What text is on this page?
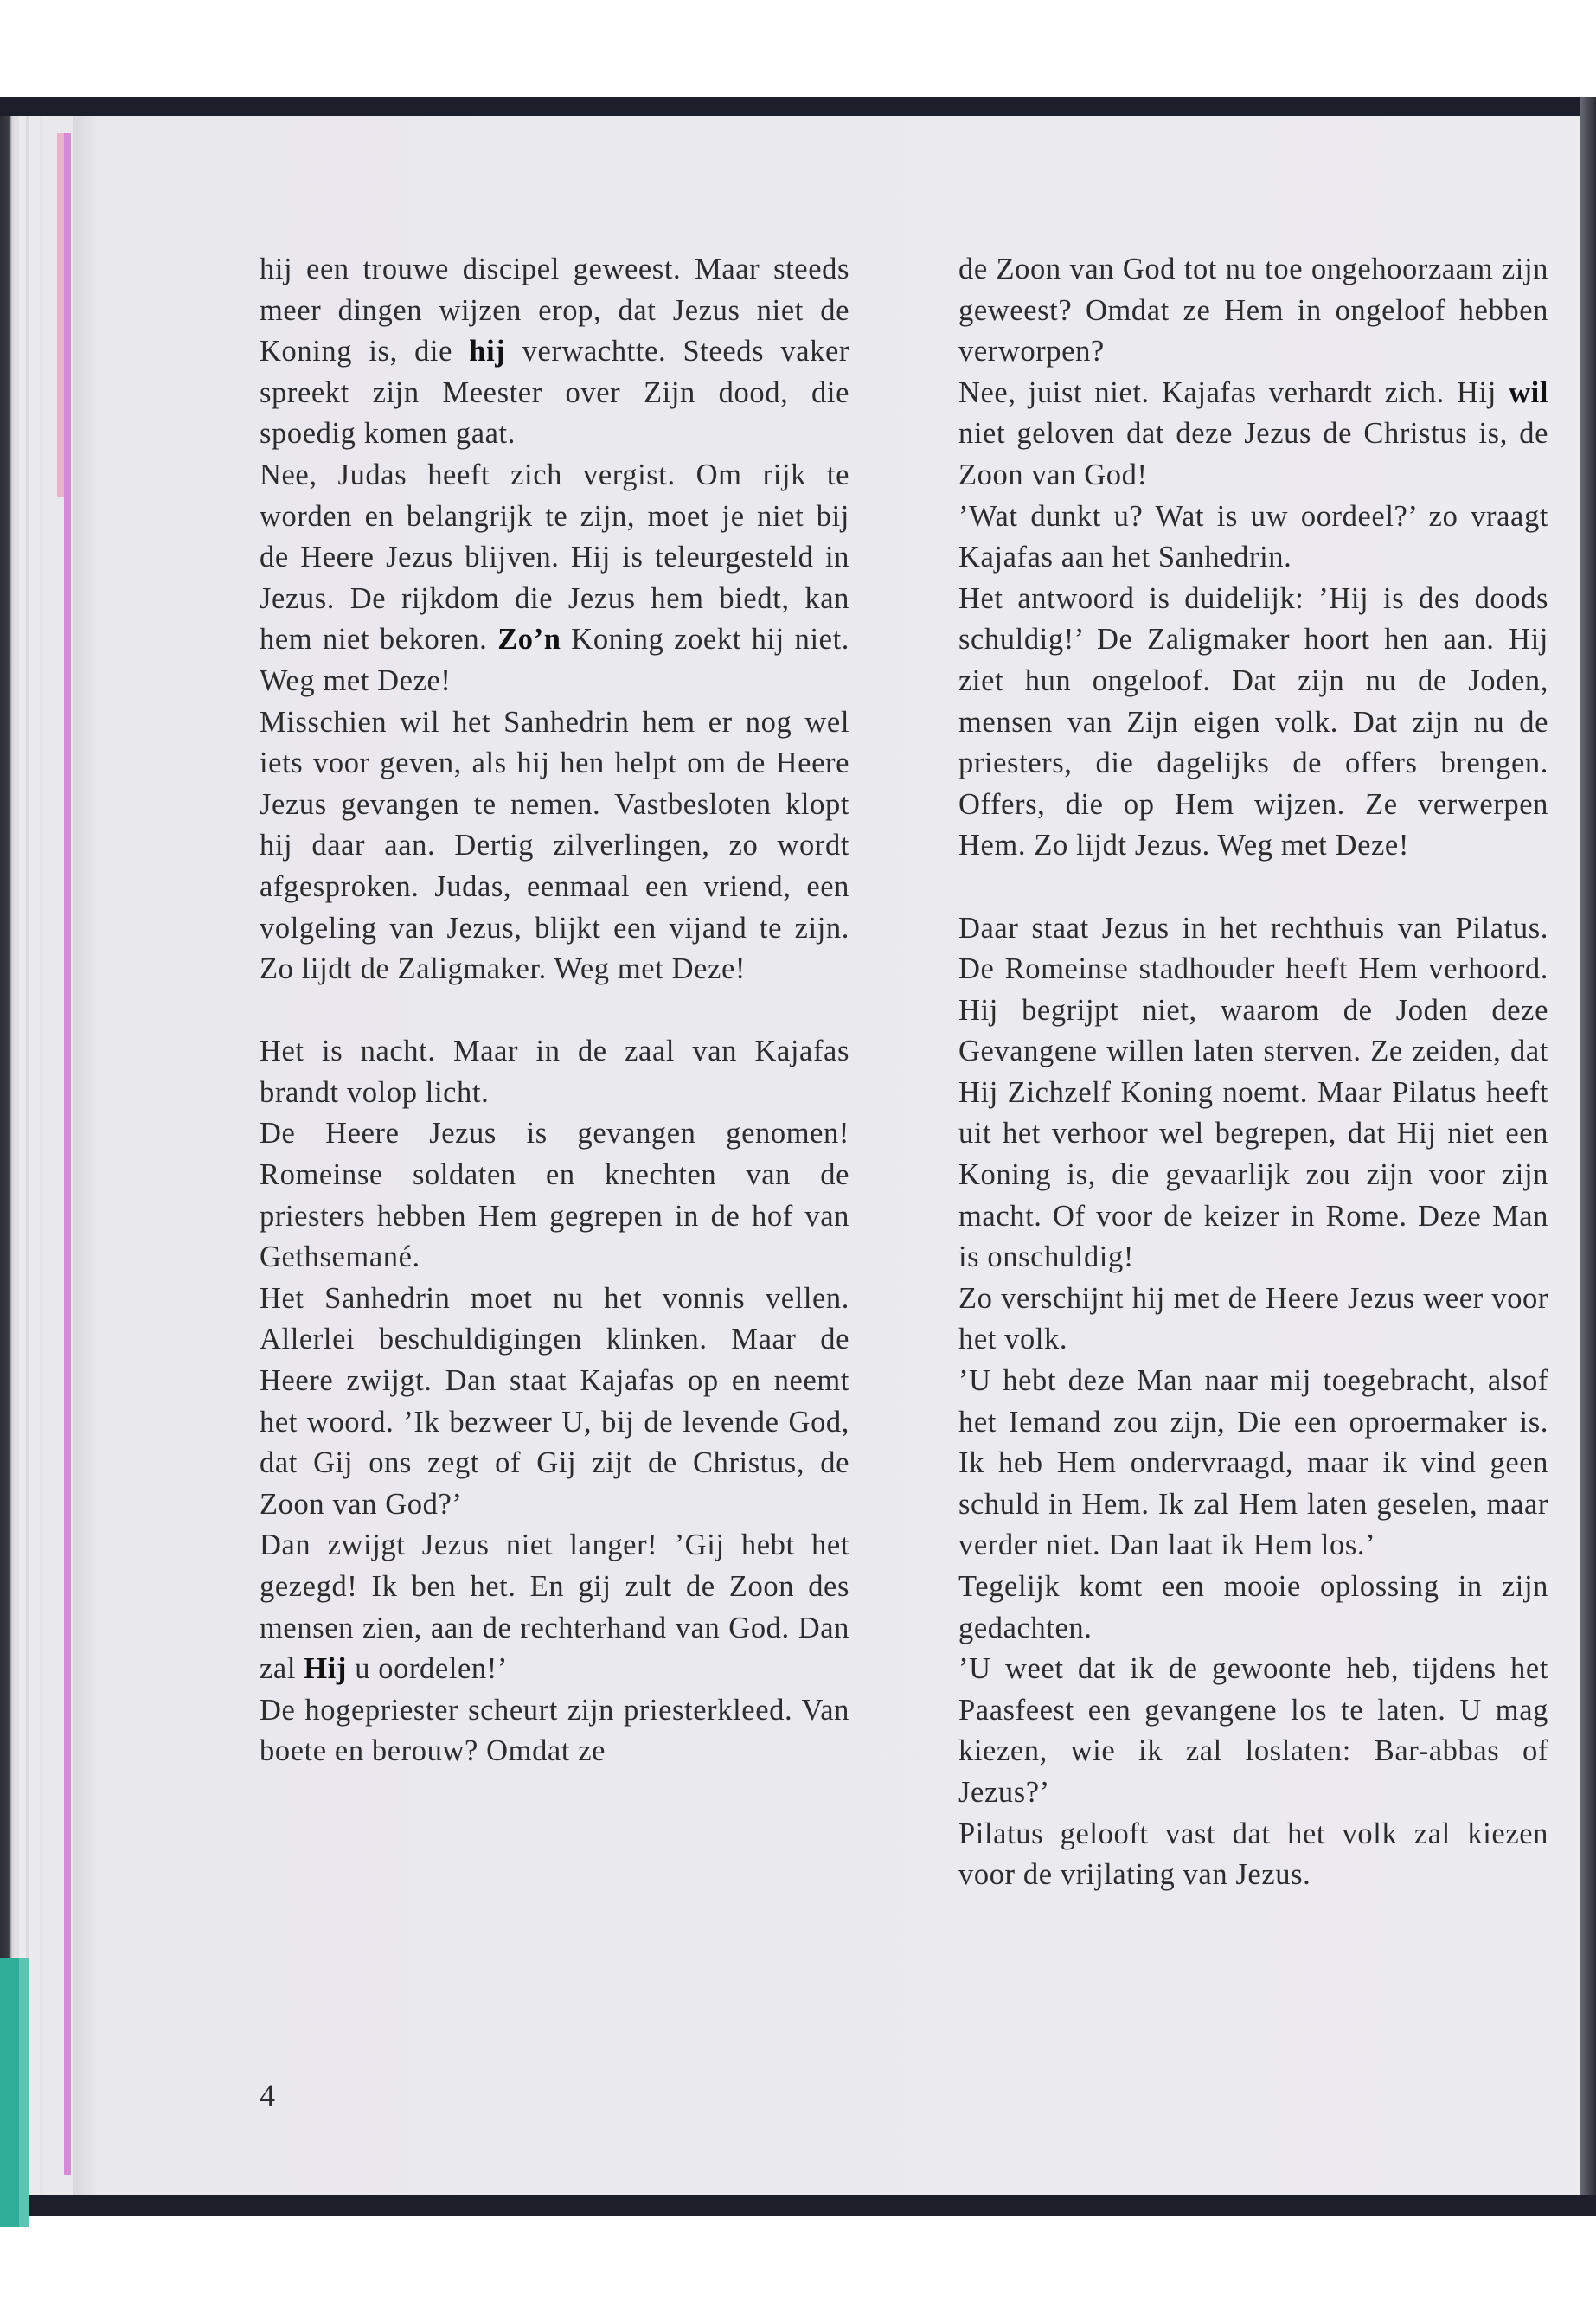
hij een trouwe discipel geweest. Maar steeds meer dingen wijzen erop, dat Jezus niet de Koning is, die hij verwachtte. Steeds vaker spreekt zijn Meester over Zijn dood, die spoedig komen gaat.

Nee, Judas heeft zich vergist. Om rijk te worden en belangrijk te zijn, moet je niet bij de Heere Jezus blijven. Hij is teleurgesteld in Jezus. De rijkdom die Jezus hem biedt, kan hem niet bekoren. Zo’n Koning zoekt hij niet. Weg met Deze!

Misschien wil het Sanhedrin hem er nog wel iets voor geven, als hij hen helpt om de Heere Jezus gevangen te nemen. Vastbesloten klopt hij daar aan. Dertig zilverlingen, zo wordt afgesproken. Judas, eenmaal een vriend, een volgeling van Jezus, blijkt een vijand te zijn. Zo lijdt de Zaligmaker. Weg met Deze!

Het is nacht. Maar in de zaal van Kajafas brandt volop licht.

De Heere Jezus is gevangen genomen! Romeinse soldaten en knechten van de priesters hebben Hem gegrepen in de hof van Gethsemané.

Het Sanhedrin moet nu het vonnis vellen. Allerlei beschuldigingen klinken. Maar de Heere zwijgt. Dan staat Kajafas op en neemt het woord. ’Ik bezweer U, bij de levende God, dat Gij ons zegt of Gij zijt de Christus, de Zoon van God?’

Dan zwijgt Jezus niet langer! ’Gij hebt het gezegd! Ik ben het. En gij zult de Zoon des mensen zien, aan de rechterhand van God. Dan zal Hij u oordelen!’

De hogepriester scheurt zijn priesterkleed. Van boete en berouw? Omdat ze

de Zoon van God tot nu toe ongehoorzaam zijn geweest? Omdat ze Hem in ongeloof hebben verworpen?

Nee, juist niet. Kajafas verhardt zich. Hij wil niet geloven dat deze Jezus de Christus is, de Zoon van God!

’Wat dunkt u? Wat is uw oordeel?’ zo vraagt Kajafas aan het Sanhedrin.

Het antwoord is duidelijk: ’Hij is des doods schuldig!’ De Zaligmaker hoort hen aan. Hij ziet hun ongeloof. Dat zijn nu de Joden, mensen van Zijn eigen volk. Dat zijn nu de priesters, die dagelijks de offers brengen. Offers, die op Hem wijzen. Ze verwerpen Hem. Zo lijdt Jezus. Weg met Deze!

Daar staat Jezus in het rechthuis van Pilatus. De Romeinse stadhouder heeft Hem verhoord. Hij begrijpt niet, waarom de Joden deze Gevangene willen laten sterven. Ze zeiden, dat Hij Zichzelf Koning noemt. Maar Pilatus heeft uit het verhoor wel begrepen, dat Hij niet een Koning is, die gevaarlijk zou zijn voor zijn macht. Of voor de keizer in Rome. Deze Man is onschuldig!

Zo verschijnt hij met de Heere Jezus weer voor het volk.

’U hebt deze Man naar mij toegebracht, alsof het Iemand zou zijn, Die een oproermaker is. Ik heb Hem ondervraagd, maar ik vind geen schuld in Hem. Ik zal Hem laten geselen, maar verder niet. Dan laat ik Hem los.’

Tegelijk komt een mooie oplossing in zijn gedachten.

’U weet dat ik de gewoonte heb, tijdens het Paasfeest een gevangene los te laten. U mag kiezen, wie ik zal loslaten: Bar-abbas of Jezus?’

Pilatus gelooft vast dat het volk zal kiezen voor de vrijlating van Jezus.

4
